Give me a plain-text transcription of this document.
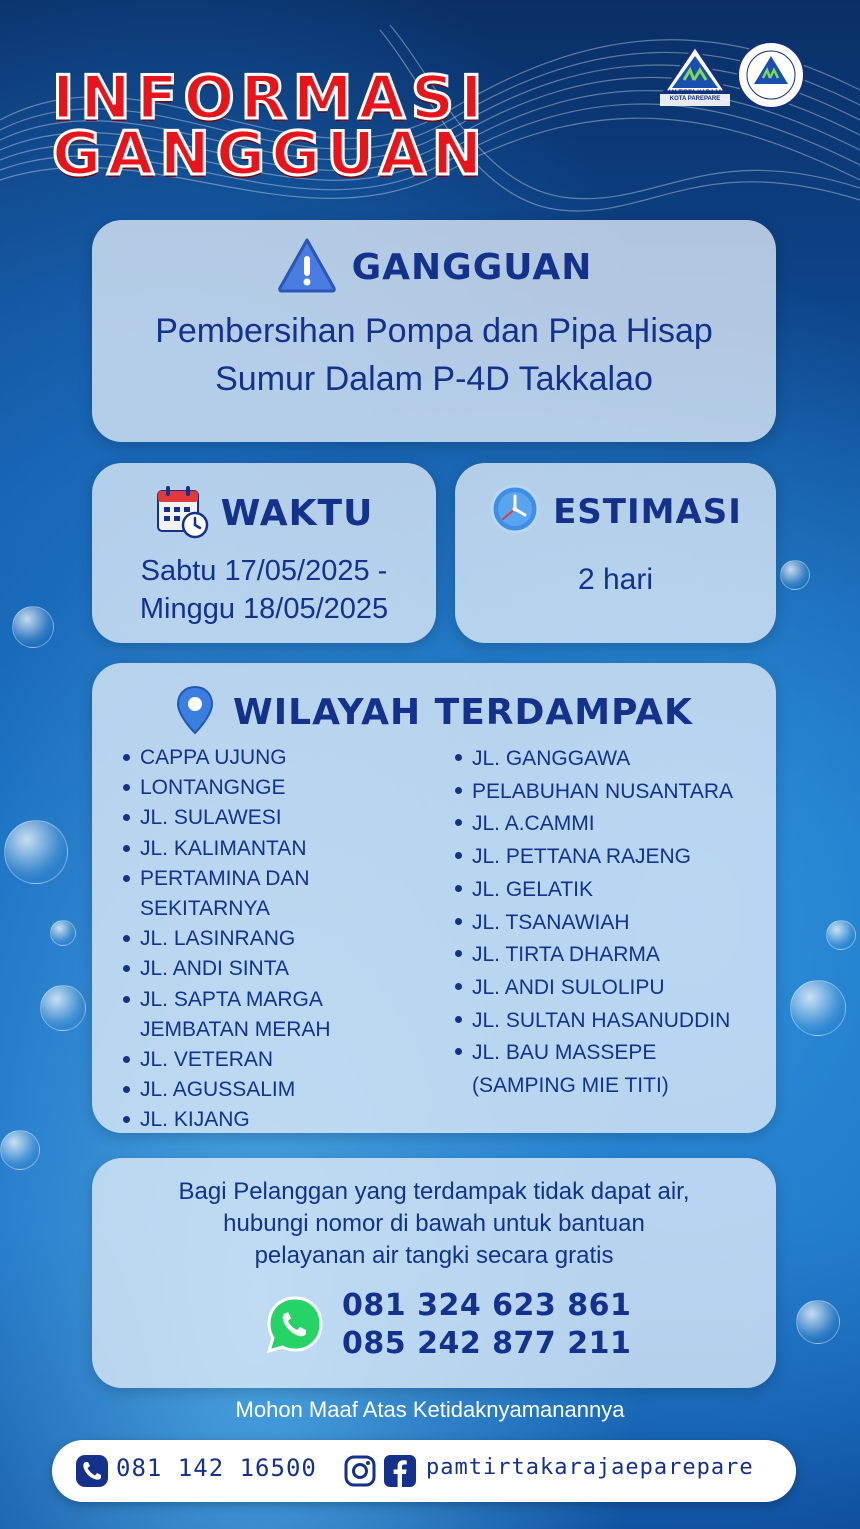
INFORMASI
GANGGUAN
PAM TIRTA KARAJAE KOTA PAREPARE
GANGGUAN
Pembersihan Pompa dan Pipa Hisap
Sumur Dalam P-4D Takkalao
WAKTU
Sabtu 17/05/2025 -
Minggu 18/05/2025
ESTIMASI
2 hari
WILAYAH TERDAMPAK
CAPPA UJUNG
LONTANGNGE
JL. SULAWESI
JL. KALIMANTAN
PERTAMINA DAN SEKITARNYA
JL. LASINRANG
JL. ANDI SINTA
JL. SAPTA MARGA JEMBATAN MERAH
JL. VETERAN
JL. AGUSSALIM
JL. KIJANG
JL. GANGGAWA
PELABUHAN NUSANTARA
JL. A.CAMMI
JL. PETTANA RAJENG
JL. GELATIK
JL. TSANAWIAH
JL. TIRTA DHARMA
JL. ANDI SULOLIPU
JL. SULTAN HASANUDDIN
JL. BAU MASSEPE (SAMPING MIE TITI)
Bagi Pelanggan yang terdampak tidak dapat air,
hubungi nomor di bawah untuk bantuan
pelayanan air tangki secara gratis
081 324 623 861
085 242 877 211
Mohon Maaf Atas Ketidaknyamanannya
081 142 16500	pamtirtakarajaeparepare
